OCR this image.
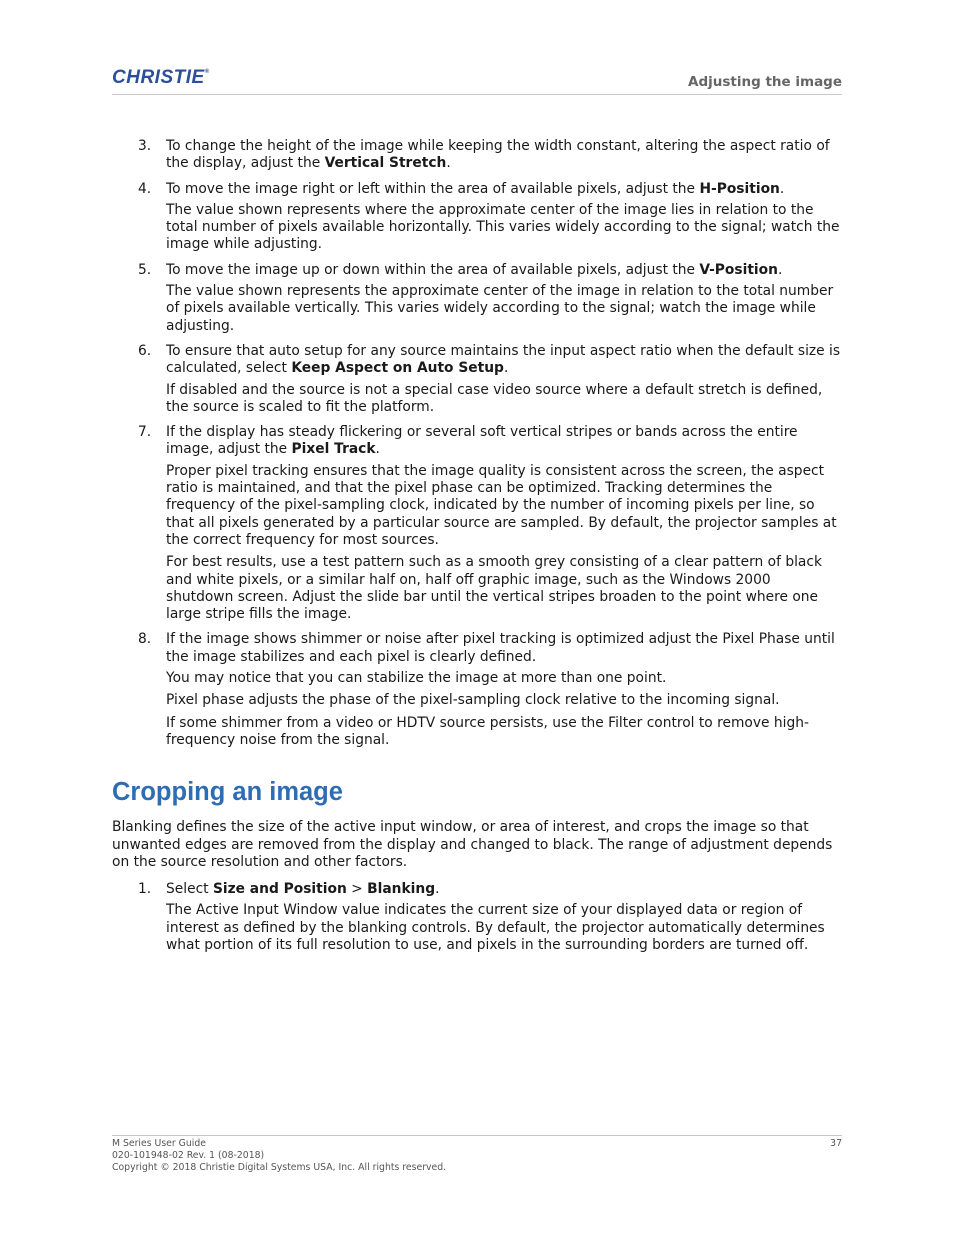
CHRISTIE®
Adjusting the image
3. To change the height of the image while keeping the width constant, altering the aspect ratio of the display, adjust the Vertical Stretch.

4. To move the image right or left within the area of available pixels, adjust the H-Position.

The value shown represents where the approximate center of the image lies in relation to the total number of pixels available horizontally. This varies widely according to the signal; watch the image while adjusting.

5. To move the image up or down within the area of available pixels, adjust the V-Position.

The value shown represents the approximate center of the image in relation to the total number of pixels available vertically. This varies widely according to the signal; watch the image while adjusting.

6. To ensure that auto setup for any source maintains the input aspect ratio when the default size is calculated, select Keep Aspect on Auto Setup.

If disabled and the source is not a special case video source where a default stretch is defined, the source is scaled to fit the platform.

7. If the display has steady flickering or several soft vertical stripes or bands across the entire image, adjust the Pixel Track.

Proper pixel tracking ensures that the image quality is consistent across the screen, the aspect ratio is maintained, and that the pixel phase can be optimized. Tracking determines the frequency of the pixel-sampling clock, indicated by the number of incoming pixels per line, so that all pixels generated by a particular source are sampled. By default, the projector samples at the correct frequency for most sources.

For best results, use a test pattern such as a smooth grey consisting of a clear pattern of black and white pixels, or a similar half on, half off graphic image, such as the Windows 2000 shutdown screen. Adjust the slide bar until the vertical stripes broaden to the point where one large stripe fills the image.

8. If the image shows shimmer or noise after pixel tracking is optimized adjust the Pixel Phase until the image stabilizes and each pixel is clearly defined.

You may notice that you can stabilize the image at more than one point.

Pixel phase adjusts the phase of the pixel-sampling clock relative to the incoming signal.

If some shimmer from a video or HDTV source persists, use the Filter control to remove high-frequency noise from the signal.

Cropping an image

Blanking defines the size of the active input window, or area of interest, and crops the image so that unwanted edges are removed from the display and changed to black. The range of adjustment depends on the source resolution and other factors.

1. Select Size and Position > Blanking.

The Active Input Window value indicates the current size of your displayed data or region of interest as defined by the blanking controls. By default, the projector automatically determines what portion of its full resolution to use, and pixels in the surrounding borders are turned off.

M Series User Guide
020-101948-02 Rev. 1 (08-2018)
Copyright © 2018 Christie Digital Systems USA, Inc. All rights reserved.
37
